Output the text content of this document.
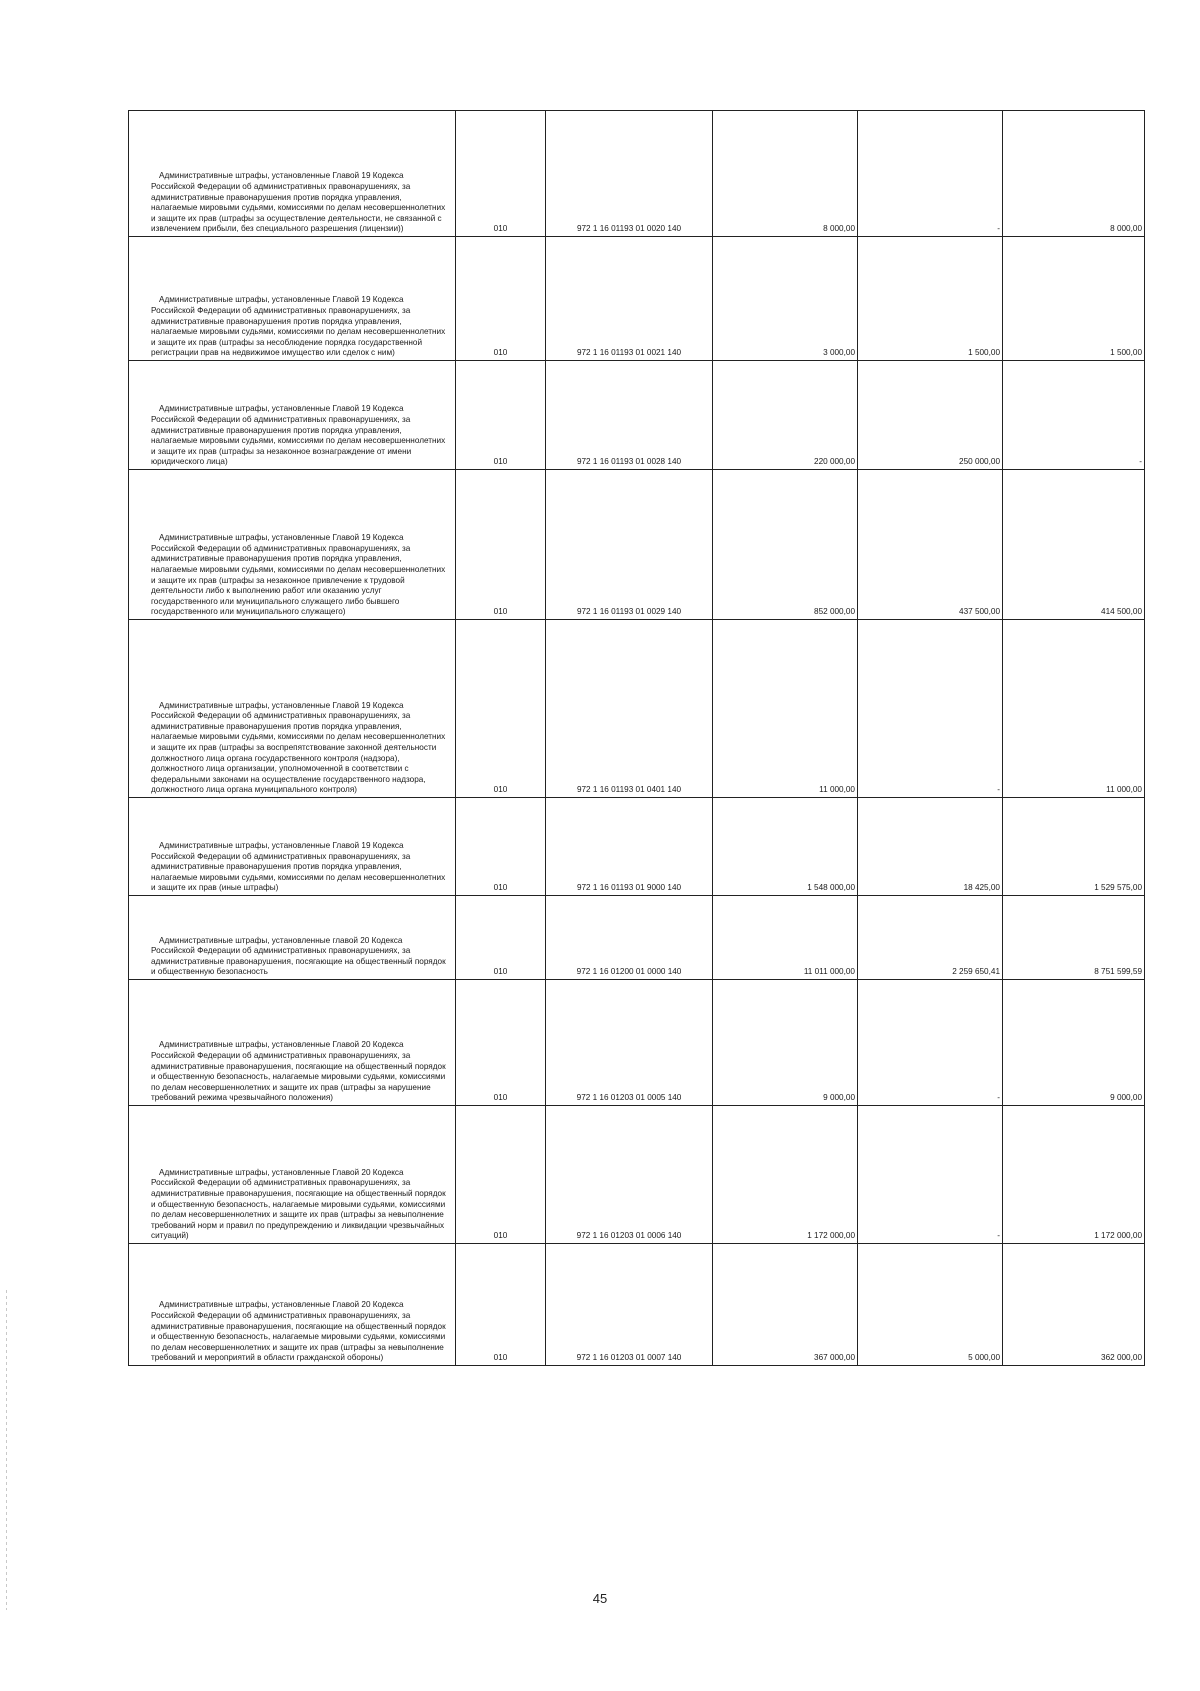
Административные штрафы, установленные Главой 19 Кодекса Российской Федерации об административных правонарушениях, за административные правонарушения против порядка управления, налагаемые мировыми судьями, комиссиями по делам несовершеннолетних и защите их прав (штрафы за осуществление деятельности, не связанной с извлечением прибыли, без специального разрешения (лицензии))	010	972 1 16 01193 01 0020 140	8 000,00	-	8 000,00
Административные штрафы, установленные Главой 19 Кодекса Российской Федерации об административных правонарушениях, за административные правонарушения против порядка управления, налагаемые мировыми судьями, комиссиями по делам несовершеннолетних и защите их прав (штрафы за несоблюдение порядка государственной регистрации прав на недвижимое имущество или сделок с ним)	010	972 1 16 01193 01 0021 140	3 000,00	1 500,00	1 500,00
Административные штрафы, установленные Главой 19 Кодекса Российской Федерации об административных правонарушениях, за административные правонарушения против порядка управления, налагаемые мировыми судьями, комиссиями по делам несовершеннолетних и защите их прав (штрафы за незаконное вознаграждение от имени юридического лица)	010	972 1 16 01193 01 0028 140	220 000,00	250 000,00	-
Административные штрафы, установленные Главой 19 Кодекса Российской Федерации об административных правонарушениях, за административные правонарушения против порядка управления, налагаемые мировыми судьями, комиссиями по делам несовершеннолетних и защите их прав (штрафы за незаконное привлечение к трудовой деятельности либо к выполнению работ или оказанию услуг государственного или муниципального служащего либо бывшего государственного или муниципального служащего)	010	972 1 16 01193 01 0029 140	852 000,00	437 500,00	414 500,00
Административные штрафы, установленные Главой 19 Кодекса Российской Федерации об административных правонарушениях, за административные правонарушения против порядка управления, налагаемые мировыми судьями, комиссиями по делам несовершеннолетних и защите их прав (штрафы за воспрепятствование законной деятельности должностного лица органа государственного контроля (надзора), должностного лица организации, уполномоченной в соответствии с федеральными законами на осуществление государственного надзора, должностного лица органа муниципального контроля)	010	972 1 16 01193 01 0401 140	11 000,00	-	11 000,00
Административные штрафы, установленные Главой 19 Кодекса Российской Федерации об административных правонарушениях, за административные правонарушения против порядка управления, налагаемые мировыми судьями, комиссиями по делам несовершеннолетних и защите их прав (иные штрафы)	010	972 1 16 01193 01 9000 140	1 548 000,00	18 425,00	1 529 575,00
Административные штрафы, установленные главой 20 Кодекса Российской Федерации об административных правонарушениях, за административные правонарушения, посягающие на общественный порядок и общественную безопасность	010	972 1 16 01200 01 0000 140	11 011 000,00	2 259 650,41	8 751 599,59
Административные штрафы, установленные Главой 20 Кодекса Российской Федерации об административных правонарушениях, за административные правонарушения, посягающие на общественный порядок и общественную безопасность, налагаемые мировыми судьями, комиссиями по делам несовершеннолетних и защите их прав (штрафы за нарушение требований режима чрезвычайного положения)	010	972 1 16 01203 01 0005 140	9 000,00	-	9 000,00
Административные штрафы, установленные Главой 20 Кодекса Российской Федерации об административных правонарушениях, за административные правонарушения, посягающие на общественный порядок и общественную безопасность, налагаемые мировыми судьями, комиссиями по делам несовершеннолетних и защите их прав (штрафы за невыполнение требований норм и правил по предупреждению и ликвидации чрезвычайных ситуаций)	010	972 1 16 01203 01 0006 140	1 172 000,00	-	1 172 000,00
Административные штрафы, установленные Главой 20 Кодекса Российской Федерации об административных правонарушениях, за административные правонарушения, посягающие на общественный порядок и общественную безопасность, налагаемые мировыми судьями, комиссиями по делам несовершеннолетних и защите их прав (штрафы за невыполнение требований и мероприятий в области гражданской обороны)	010	972 1 16 01203 01 0007 140	367 000,00	5 000,00	362 000,00
45
